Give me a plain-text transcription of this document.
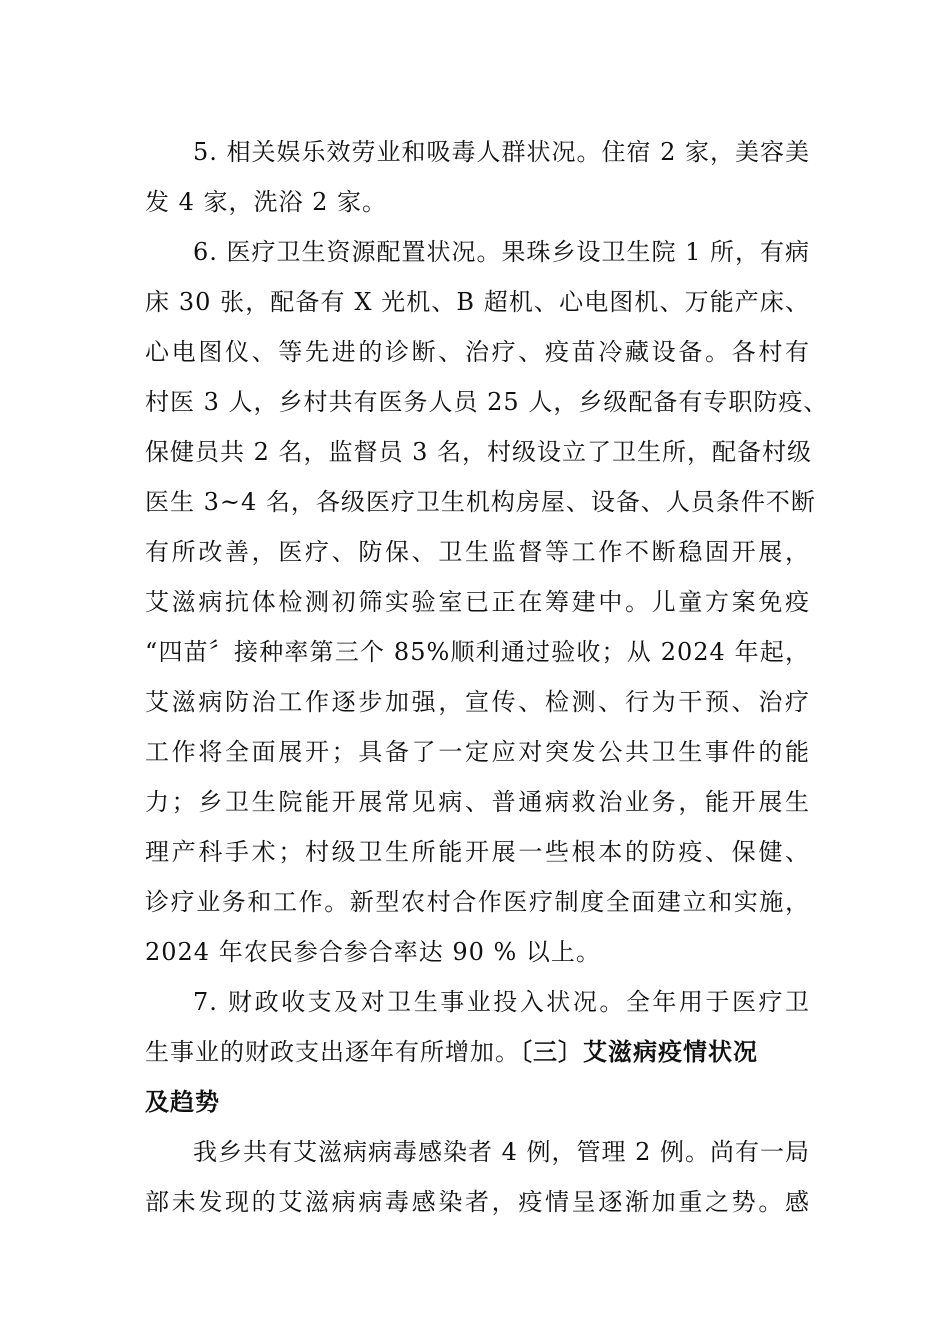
5. 相关娱乐效劳业和吸毒人群状况。住宿 2 家，美容美
发 4 家，洗浴 2 家。
6. 医疗卫生资源配置状况。果珠乡设卫生院 1 所，有病
床 30 张，配备有 X 光机、B 超机、心电图机、万能产床、
心电图仪、等先进的诊断、治疗、疫苗冷藏设备。各村有
村医 3 人，乡村共有医务人员 25 人，乡级配备有专职防疫、
保健员共 2 名，监督员 3 名，村级设立了卫生所，配备村级
医生 3~4 名，各级医疗卫生机构房屋、设备、人员条件不断
有所改善，医疗、防保、卫生监督等工作不断稳固开展，
艾滋病抗体检测初筛实验室已正在筹建中。儿童方案免疫
“四苗〞接种率第三个 85%顺利通过验收；从 2024 年起，
艾滋病防治工作逐步加强，宣传、检测、行为干预、治疗
工作将全面展开；具备了一定应对突发公共卫生事件的能
力；乡卫生院能开展常见病、普通病救治业务，能开展生
理产科手术；村级卫生所能开展一些根本的防疫、保健、
诊疗业务和工作。新型农村合作医疗制度全面建立和实施，
2024 年农民参合参合率达 90 % 以上。
7. 财政收支及对卫生事业投入状况。全年用于医疗卫
生事业的财政支出逐年有所增加。〔三〕艾滋病疫情状况
及趋势
我乡共有艾滋病病毒感染者 4 例，管理 2 例。尚有一局
部未发现的艾滋病病毒感染者，疫情呈逐渐加重之势。感
